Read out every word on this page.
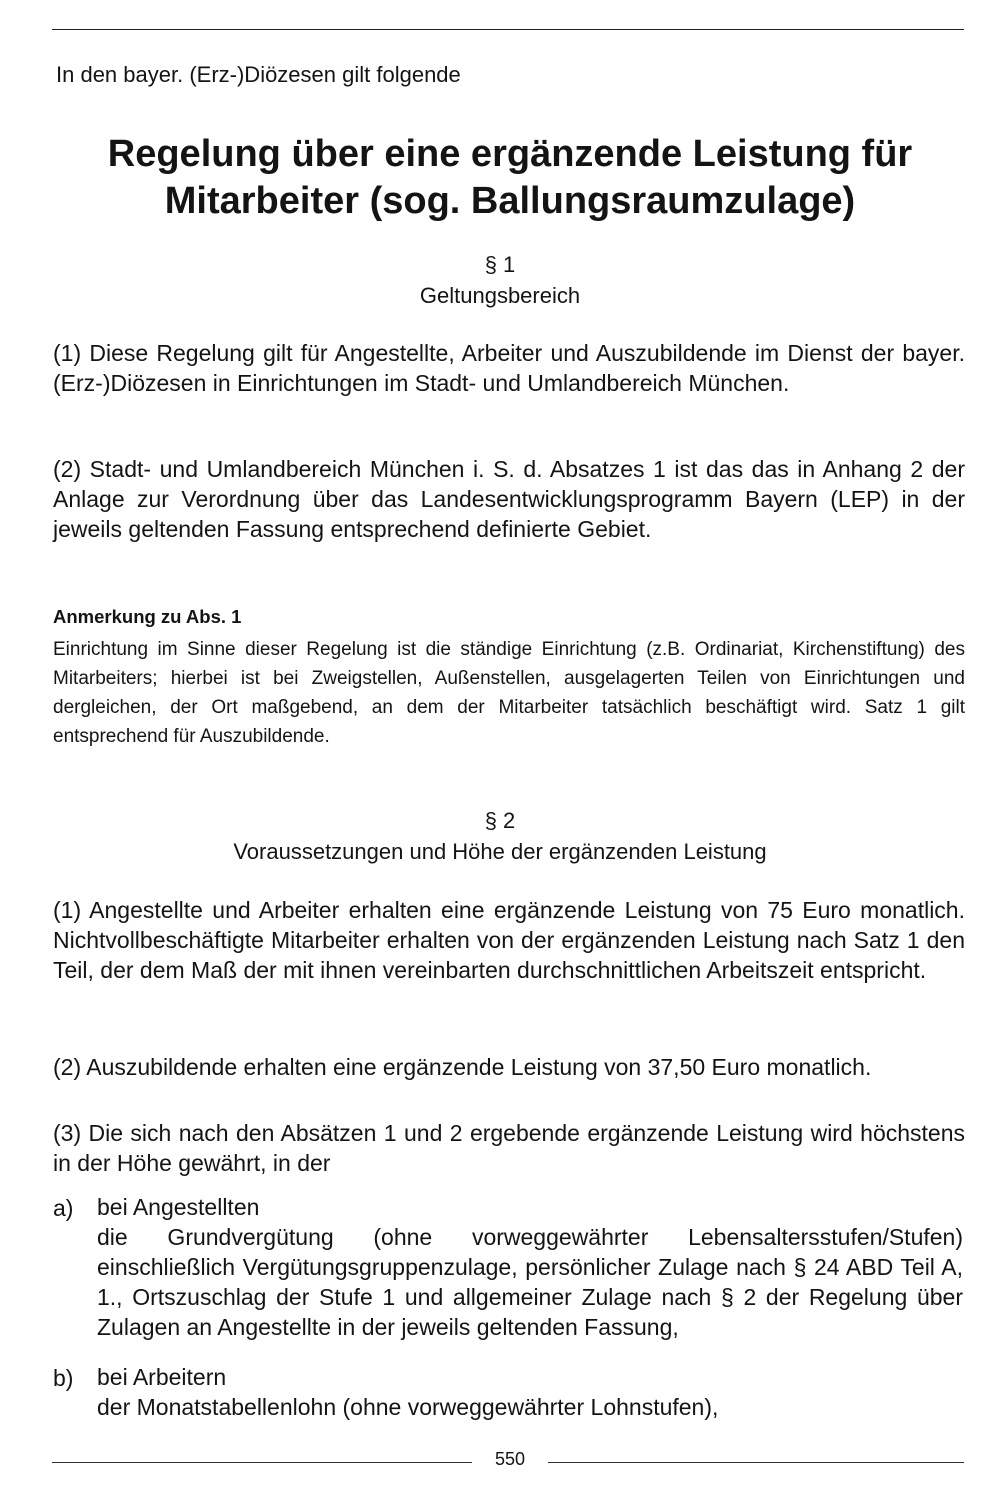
In den bayer. (Erz-)Diözesen gilt folgende
Regelung über eine ergänzende Leistung für
Mitarbeiter (sog. Ballungsraumzulage)
§ 1
Geltungsbereich
(1) Diese Regelung gilt für Angestellte, Arbeiter und Auszubildende im Dienst der bayer. (Erz-)Diözesen in Einrichtungen im Stadt- und Umlandbereich München.
(2) Stadt- und Umlandbereich München i. S. d. Absatzes 1 ist das das in Anhang 2 der Anlage zur Verordnung über das Landesentwicklungsprogramm Bayern (LEP) in der jeweils geltenden Fassung entsprechend definierte Gebiet.
Anmerkung zu Abs. 1
Einrichtung im Sinne dieser Regelung ist die ständige Einrichtung (z.B. Ordinariat, Kirchenstiftung) des Mitarbeiters; hierbei ist bei Zweigstellen, Außenstellen, ausgelagerten Teilen von Einrichtungen und dergleichen, der Ort maßgebend, an dem der Mitarbeiter tatsächlich beschäftigt wird. Satz 1 gilt entsprechend für Auszubildende.
§ 2
Voraussetzungen und Höhe der ergänzenden Leistung
(1) Angestellte und Arbeiter erhalten eine ergänzende Leistung von 75 Euro monatlich. Nichtvollbeschäftigte Mitarbeiter erhalten von der ergänzenden Leistung nach Satz 1 den Teil, der dem Maß der mit ihnen vereinbarten durchschnittlichen Arbeitszeit entspricht.
(2) Auszubildende erhalten eine ergänzende Leistung von 37,50 Euro monatlich.
(3) Die sich nach den Absätzen 1 und 2 ergebende ergänzende Leistung wird höchstens in der Höhe gewährt, in der
a) bei Angestellten
die Grundvergütung (ohne vorweggewährter Lebensaltersstufen/Stufen) einschließlich Vergütungsgruppenzulage, persönlicher Zulage nach § 24 ABD Teil A, 1., Ortszuschlag der Stufe 1 und allgemeiner Zulage nach § 2 der Regelung über Zulagen an Angestellte in der jeweils geltenden Fassung,
b) bei Arbeitern
der Monatstabellenlohn (ohne vorweggewährter Lohnstufen),
550
